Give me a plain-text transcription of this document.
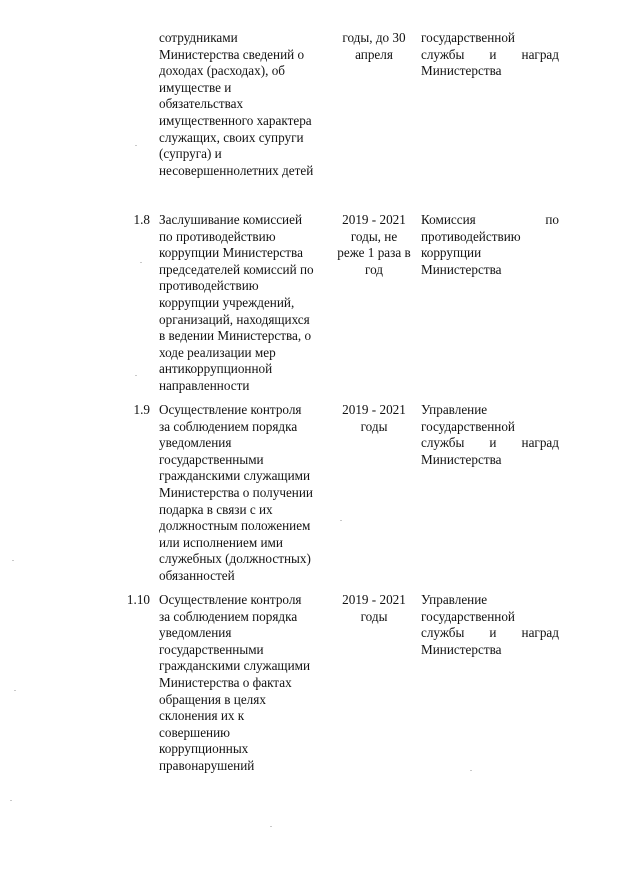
сотрудниками
Министерства сведений о
доходах (расходах), об
имуществе и
обязательствах
имущественного характера
служащих, своих супруги
(супруга) и
несовершеннолетних детей
годы, до 30
апреля
государственной
службы и наград
Министерства
1.8 Заслушивание комиссией
по противодействию
коррупции Министерства
председателей комиссий по
противодействию
коррупции учреждений,
организаций, находящихся
в ведении Министерства, о
ходе реализации мер
антикоррупционной
направленности
2019 - 2021
годы, не
реже 1 раза в
год
Комиссия по
противодействию
коррупции
Министерства
1.9 Осуществление контроля
за соблюдением порядка
уведомления
государственными
гражданскими служащими
Министерства о получении
подарка в связи с их
должностным положением
или исполнением ими
служебных (должностных)
обязанностей
2019 - 2021
годы
Управление
государственной
службы и наград
Министерства
1.10 Осуществление контроля
за соблюдением порядка
уведомления
государственными
гражданскими служащими
Министерства о фактах
обращения в целях
склонения их к
совершению
коррупционных
правонарушений
2019 - 2021
годы
Управление
государственной
службы и наград
Министерства
